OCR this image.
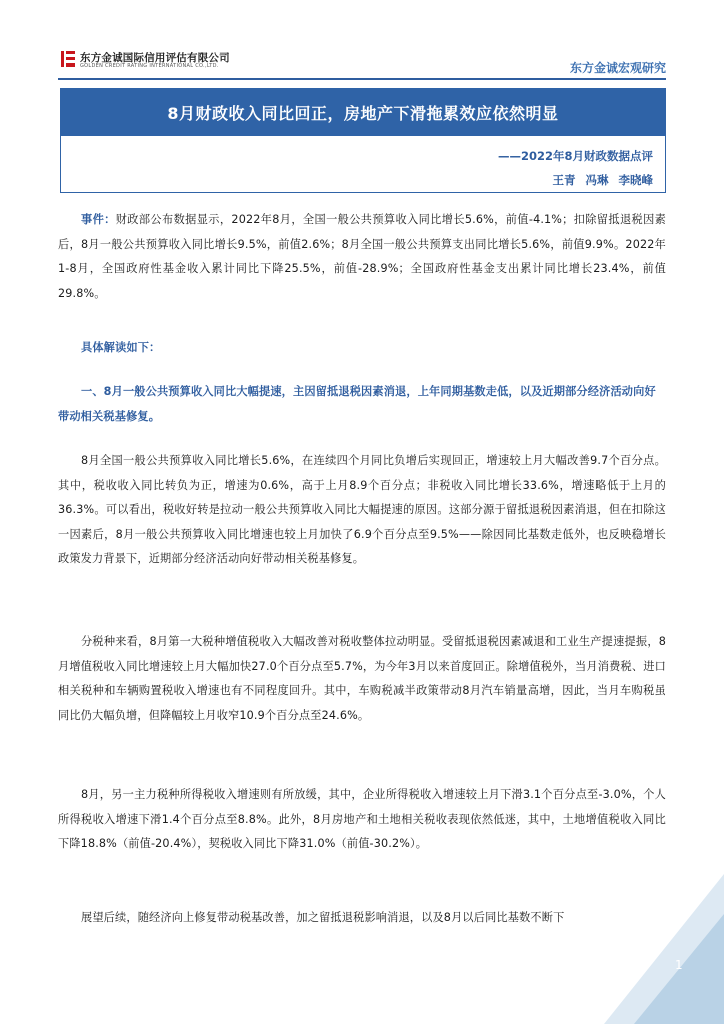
东方金诚国际信用评估有限公司
GOLDEN CREDIT RATING INTERNATIONAL CO.,LTD.	东方金诚宏观研究
8月财政收入同比回正，房地产下滑拖累效应依然明显
——2022年8月财政数据点评
王青 冯琳 李晓峰
事件：财政部公布数据显示，2022年8月，全国一般公共预算收入同比增长5.6%，前值-4.1%；扣除留抵退税因素后，8月一般公共预算收入同比增长9.5%，前值2.6%；8月全国一般公共预算支出同比增长5.6%，前值9.9%。2022年1-8月，全国政府性基金收入累计同比下降25.5%，前值-28.9%；全国政府性基金支出累计同比增长23.4%，前值29.8%。
具体解读如下：
一、8月一般公共预算收入同比大幅提速，主因留抵退税因素消退，上年同期基数走低，以及近期部分经济活动向好带动相关税基修复。
8月全国一般公共预算收入同比增长5.6%，在连续四个月同比负增后实现回正，增速较上月大幅改善9.7个百分点。其中，税收收入同比转负为正，增速为0.6%，高于上月8.9个百分点；非税收入同比增长33.6%，增速略低于上月的36.3%。可以看出，税收好转是拉动一般公共预算收入同比大幅提速的原因。这部分源于留抵退税因素消退，但在扣除这一因素后，8月一般公共预算收入同比增速也较上月加快了6.9个百分点至9.5%——除因同比基数走低外，也反映稳增长政策发力背景下，近期部分经济活动向好带动相关税基修复。
分税种来看，8月第一大税种增值税收入大幅改善对税收整体拉动明显。受留抵退税因素减退和工业生产提速提振，8月增值税收入同比增速较上月大幅加快27.0个百分点至5.7%，为今年3月以来首度回正。除增值税外，当月消费税、进口相关税种和车辆购置税收入增速也有不同程度回升。其中，车购税减半政策带动8月汽车销量高增，因此，当月车购税虽同比仍大幅负增，但降幅较上月收窄10.9个百分点至24.6%。
8月，另一主力税种所得税收入增速则有所放缓，其中，企业所得税收入增速较上月下滑3.1个百分点至-3.0%，个人所得税收入增速下滑1.4个百分点至8.8%。此外，8月房地产和土地相关税收表现依然低迷，其中，土地增值税收入同比下降18.8%（前值-20.4%），契税收入同比下降31.0%（前值-30.2%）。
展望后续，随经济向上修复带动税基改善，加之留抵退税影响消退，以及8月以后同比基数不断下
1
